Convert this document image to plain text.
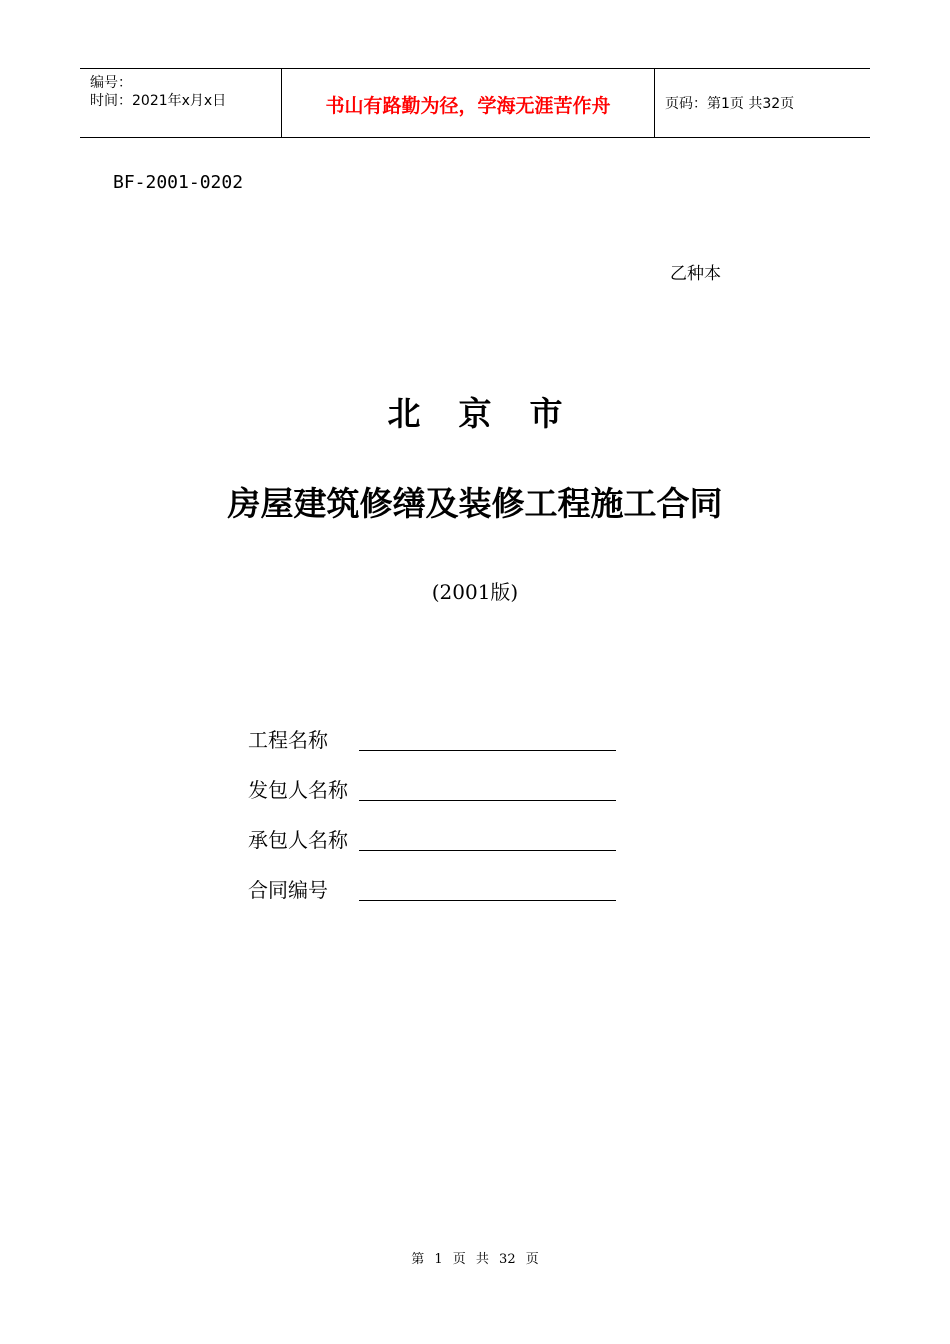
编号：
时间：2021年x月x日	书山有路勤为径，学海无涯苦作舟	页码：第1页 共32页
BF-2001-0202
乙种本
北京市
房屋建筑修缮及装修工程施工合同
(2001版)
工程名称
发包人名称
承包人名称
合同编号
第 1 页 共 32 页
